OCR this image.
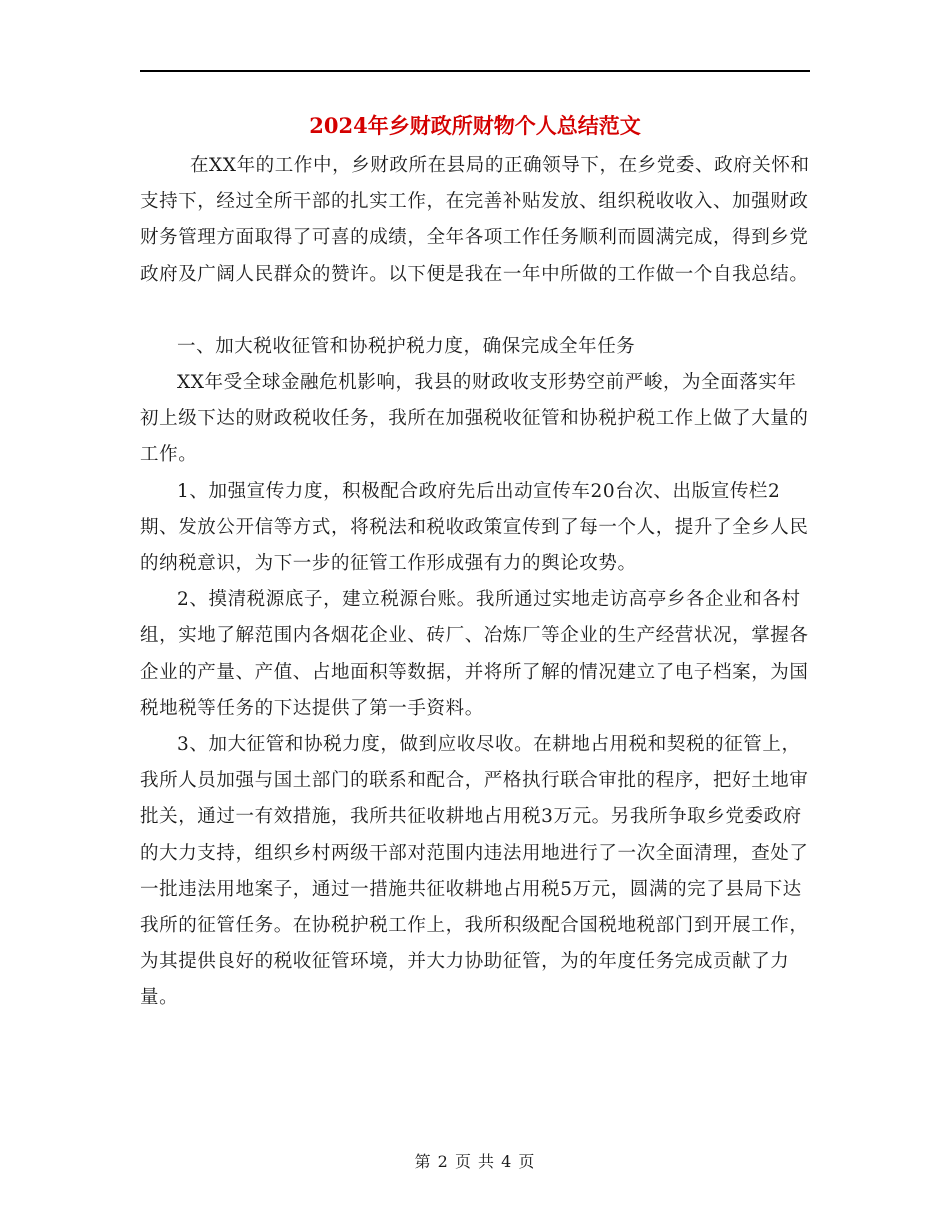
2024年乡财政所财物个人总结范文

在XX年的工作中，乡财政所在县局的正确领导下，在乡党委、政府关怀和支持下，经过全所干部的扎实工作，在完善补贴发放、组织税收收入、加强财政财务管理方面取得了可喜的成绩，全年各项工作任务顺利而圆满完成，得到乡党政府及广阔人民群众的赞许。以下便是我在一年中所做的工作做一个自我总结。

一、加大税收征管和协税护税力度，确保完成全年任务

XX年受全球金融危机影响，我县的财政收支形势空前严峻，为全面落实年初上级下达的财政税收任务，我所在加强税收征管和协税护税工作上做了大量的工作。

1、加强宣传力度，积极配合政府先后出动宣传车20台次、出版宣传栏2期、发放公开信等方式，将税法和税收政策宣传到了每一个人，提升了全乡人民的纳税意识，为下一步的征管工作形成强有力的舆论攻势。

2、摸清税源底子，建立税源台账。我所通过实地走访高亭乡各企业和各村组，实地了解范围内各烟花企业、砖厂、冶炼厂等企业的生产经营状况，掌握各企业的产量、产值、占地面积等数据，并将所了解的情况建立了电子档案，为国税地税等任务的下达提供了第一手资料。

3、加大征管和协税力度，做到应收尽收。在耕地占用税和契税的征管上，我所人员加强与国土部门的联系和配合，严格执行联合审批的程序，把好土地审批关，通过一有效措施，我所共征收耕地占用税3万元。另我所争取乡党委政府的大力支持，组织乡村两级干部对范围内违法用地进行了一次全面清理，查处了一批违法用地案子，通过一措施共征收耕地占用税5万元，圆满的完了县局下达我所的征管任务。在协税护税工作上，我所积级配合国税地税部门到开展工作，为其提供良好的税收征管环境，并大力协助征管，为的年度任务完成贡献了力量。

第 2 页 共 4 页
